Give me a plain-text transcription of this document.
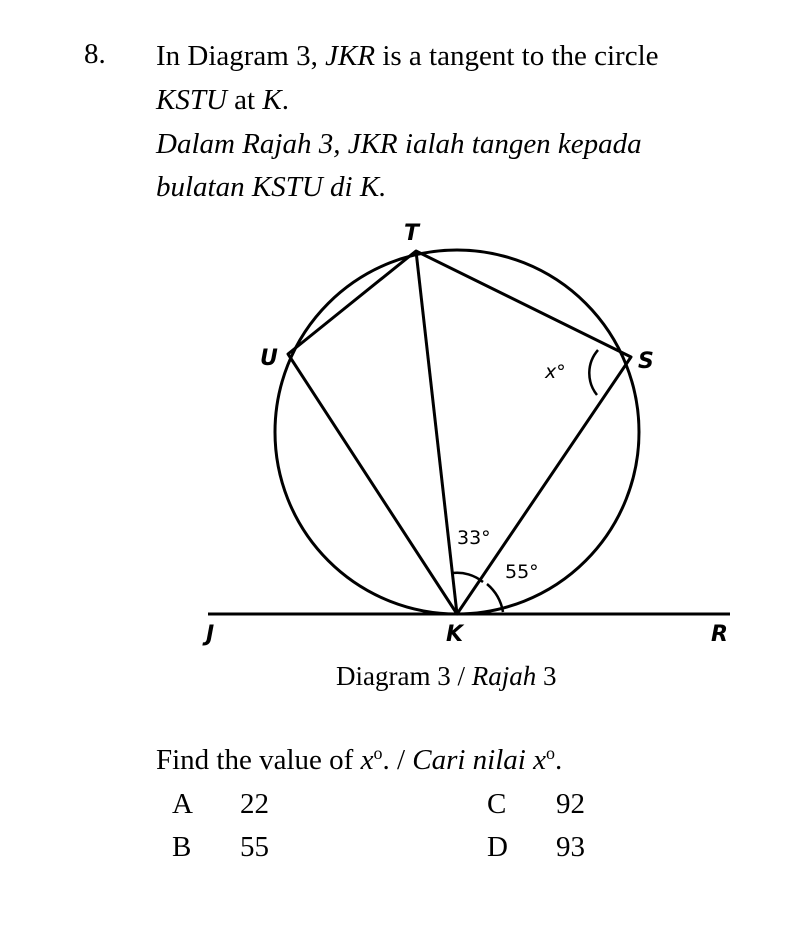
8. In Diagram 3, JKR is a tangent to the circle
KSTU at K.
Dalam Rajah 3, JKR ialah tangen kepada
bulatan KSTU di K.
T
U	S
J	K	R
x°
33°
55°
Diagram 3 / Rajah 3
Find the value of $x^o$. / Cari nilai $x^o$.
A 22
B 55
C 92
D 93
